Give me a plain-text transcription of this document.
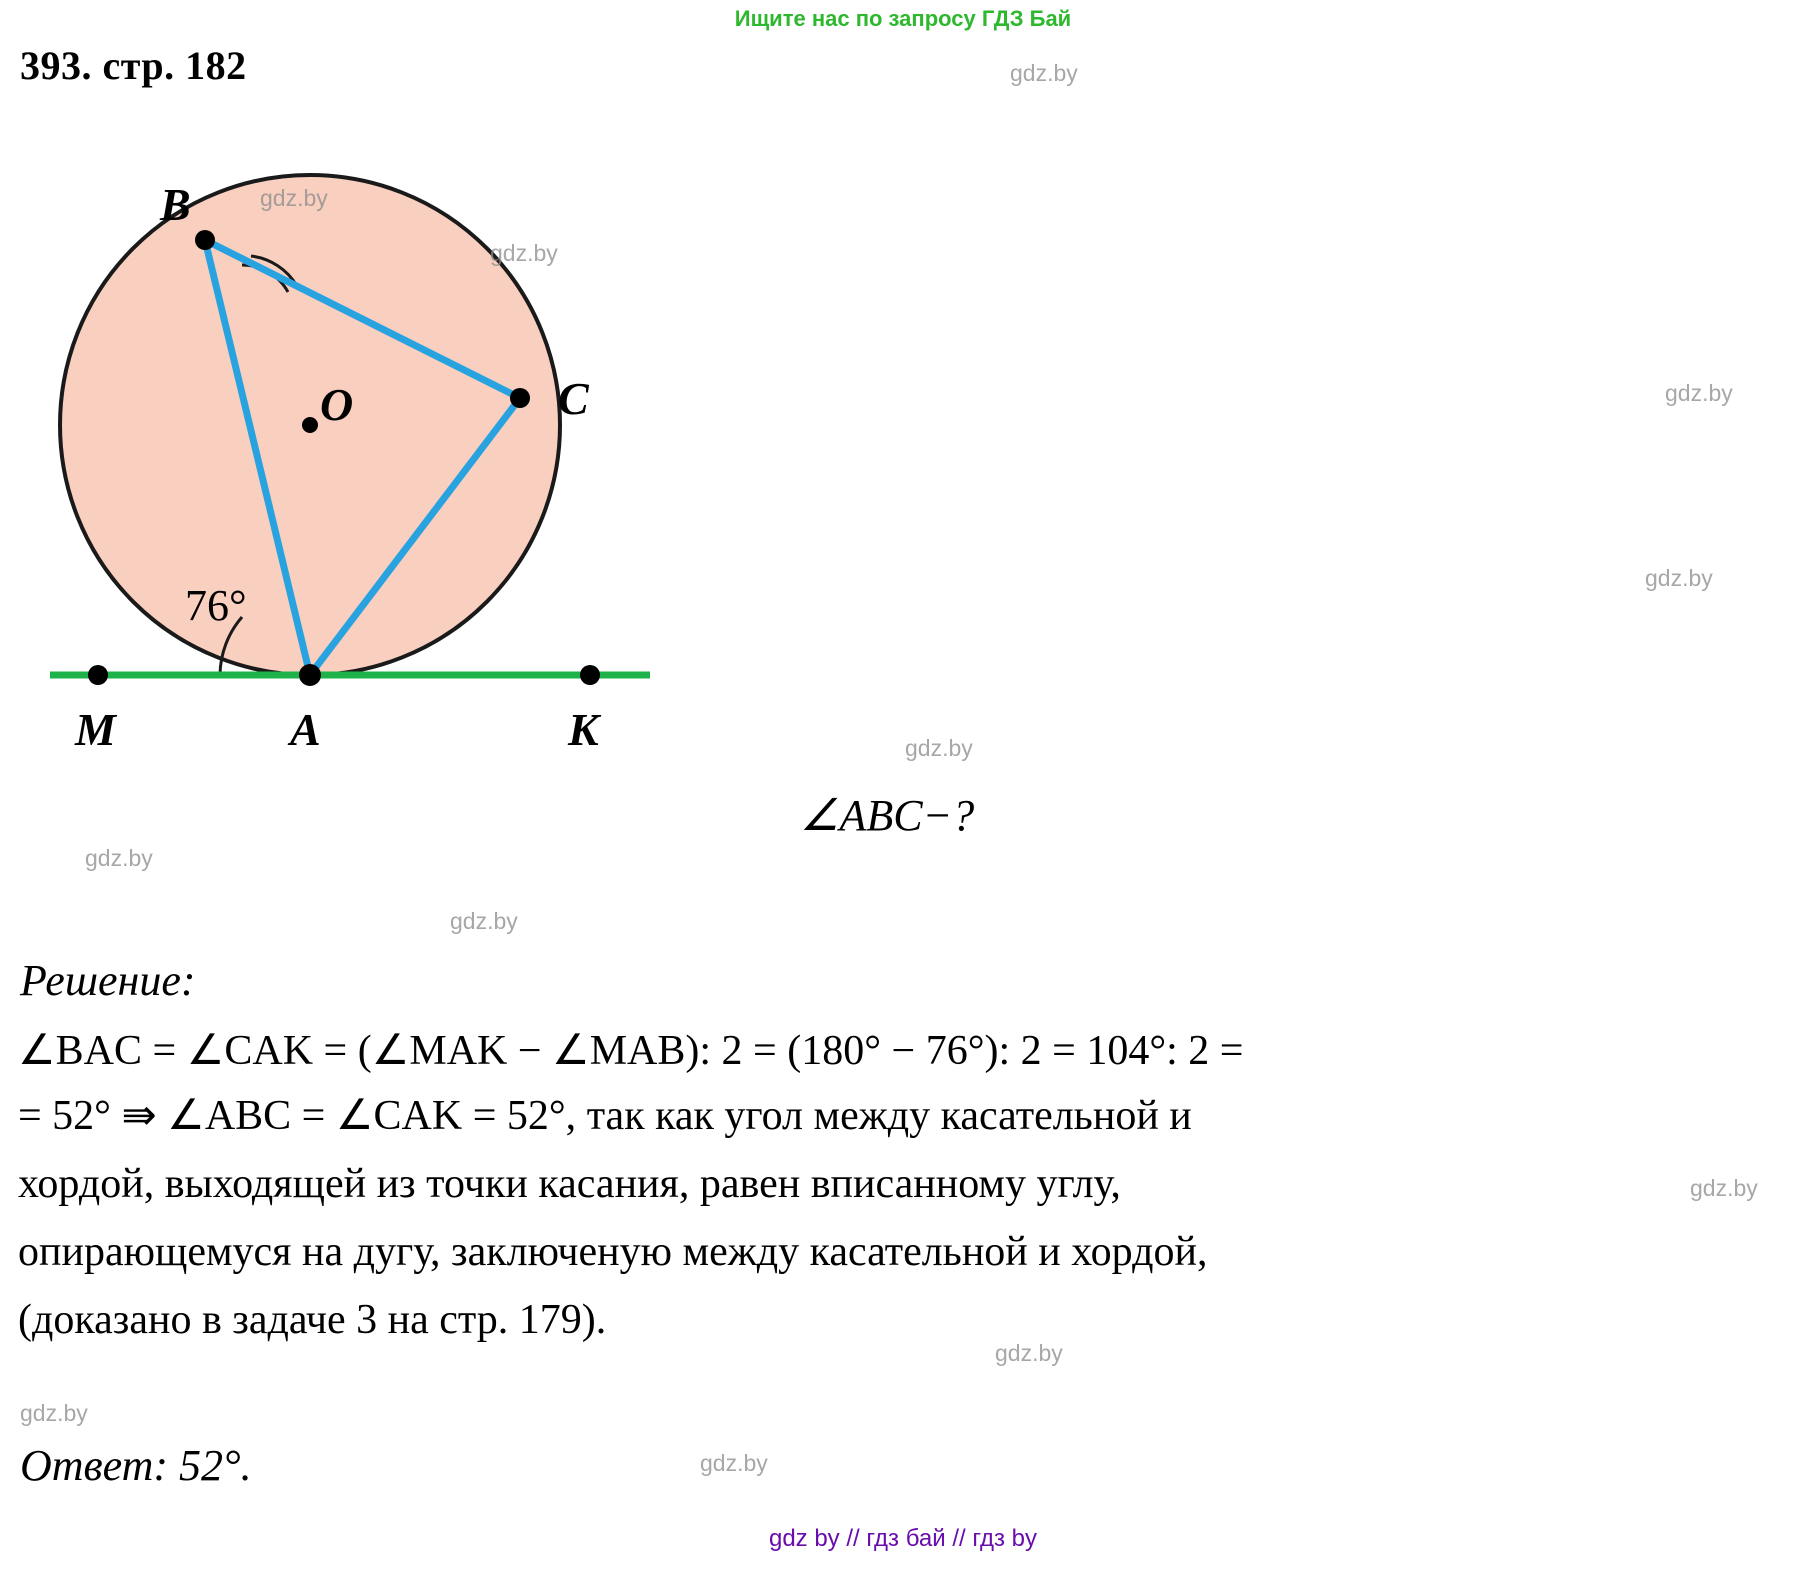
Ищите нас по запросу ГДЗ Бай
393. стр. 182
B
C
O
A
M	K
76°
∠ABC−?
Решение:
∠BAC = ∠CAK = (∠MAK − ∠MAB): 2 = (180° − 76°): 2 = 104°: 2 =
= 52° ⇛ ∠ABC = ∠CAK = 52°, так как угол между касательной и
хордой, выходящей из точки касания, равен вписанному углу,
опирающемуся на дугу, заключеную между касательной и хордой,
(доказано в задаче 3 на стр. 179).
Ответ: 52°.
gdz by // гдз бай // гдз by
gdz.by
gdz.by
gdz.by
gdz.by
gdz.by
gdz.by
gdz.by
gdz.by
gdz.by
gdz.by
gdz.by
gdz.by
